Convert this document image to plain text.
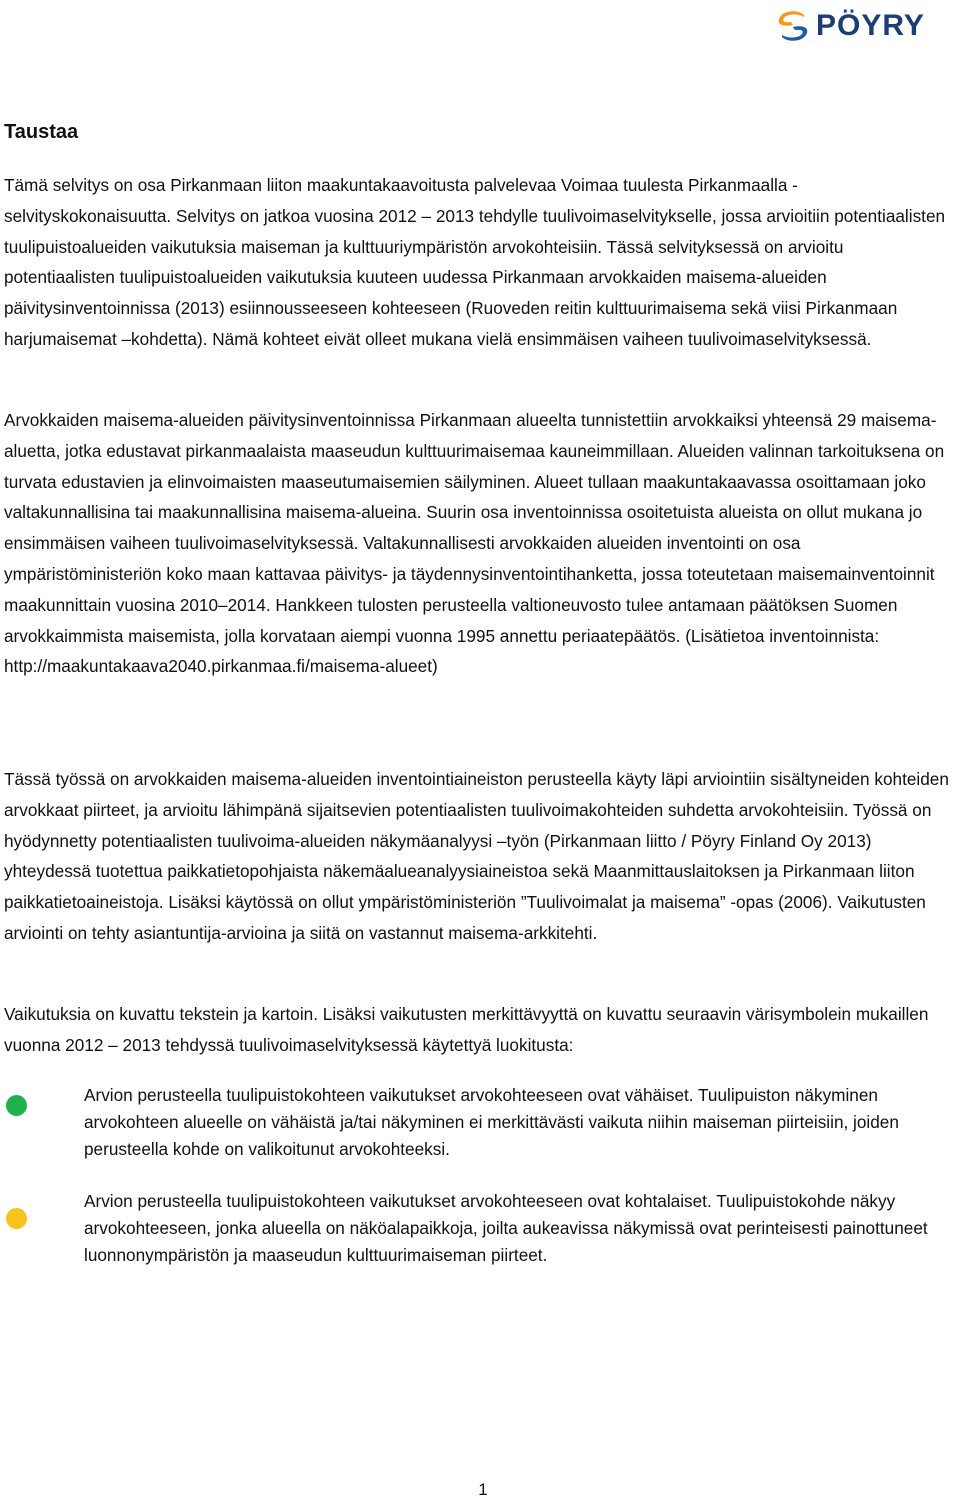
PÖYRY
Taustaa

Tämä selvitys on osa Pirkanmaan liiton maakuntakaavoitusta palvelevaa Voimaa tuulesta Pirkanmaalla -selvityskokonaisuutta. Selvitys on jatkoa vuosina 2012 – 2013 tehdylle tuulivoimaselvitykselle, jossa arvioitiin potentiaalisten tuulipuistoalueiden vaikutuksia maiseman ja kulttuuriympäristön arvokohteisiin. Tässä selvityksessä on arvioitu potentiaalisten tuulipuistoalueiden vaikutuksia kuuteen uudessa Pirkanmaan arvokkaiden maisema-alueiden päivitysinventoinnissa (2013) esiinnousseeseen kohteeseen (Ruoveden reitin kulttuurimaisema sekä viisi Pirkanmaan harjumaisemat –kohdetta). Nämä kohteet eivät olleet mukana vielä ensimmäisen vaiheen tuulivoimaselvityksessä.

Arvokkaiden maisema-alueiden päivitysinventoinnissa Pirkanmaan alueelta tunnistettiin arvokkaiksi yhteensä 29 maisema-aluetta, jotka edustavat pirkanmaalaista maaseudun kulttuurimaisemaa kauneimmillaan. Alueiden valinnan tarkoituksena on turvata edustavien ja elinvoimaisten maaseutumaisemien säilyminen. Alueet tullaan maakuntakaavassa osoittamaan joko valtakunnallisina tai maakunnallisina maisema-alueina. Suurin osa inventoinnissa osoitetuista alueista on ollut mukana jo ensimmäisen vaiheen tuulivoimaselvityksessä. Valtakunnallisesti arvokkaiden alueiden inventointi on osa ympäristöministeriön koko maan kattavaa päivitys- ja täydennysinventointihanketta, jossa toteutetaan maisemainventoinnit maakunnittain vuosina 2010–2014. Hankkeen tulosten perusteella valtioneuvosto tulee antamaan päätöksen Suomen arvokkaimmista maisemista, jolla korvataan aiempi vuonna 1995 annettu periaatepäätös. (Lisätietoa inventoinnista: http://maakuntakaava2040.pirkanmaa.fi/maisema-alueet)

Tässä työssä on arvokkaiden maisema-alueiden inventointiaineiston perusteella käyty läpi arviointiin sisältyneiden kohteiden arvokkaat piirteet, ja arvioitu lähimpänä sijaitsevien potentiaalisten tuulivoimakohteiden suhdetta arvokohteisiin. Työssä on hyödynnetty potentiaalisten tuulivoima-alueiden näkymäanalyysi –työn (Pirkanmaan liitto / Pöyry Finland Oy 2013) yhteydessä tuotettua paikkatietopohjaista näkemäalueanalyysiaineistoa sekä Maanmittauslaitoksen ja Pirkanmaan liiton paikkatietoaineistoja. Lisäksi käytössä on ollut ympäristöministeriön ”Tuulivoimalat ja maisema” -opas (2006). Vaikutusten arviointi on tehty asiantuntija-arvioina ja siitä on vastannut maisema-arkkitehti.

Vaikutuksia on kuvattu tekstein ja kartoin. Lisäksi vaikutusten merkittävyyttä on kuvattu seuraavin värisymbolein mukaillen vuonna 2012 – 2013 tehdyssä tuulivoimaselvityksessä käytettyä luokitusta:

Arvion perusteella tuulipuistokohteen vaikutukset arvokohteeseen ovat vähäiset. Tuulipuiston näkyminen arvokohteen alueelle on vähäistä ja/tai näkyminen ei merkittävästi vaikuta niihin maiseman piirteisiin, joiden perusteella kohde on valikoitunut arvokohteeksi.

Arvion perusteella tuulipuistokohteen vaikutukset arvokohteeseen ovat kohtalaiset. Tuulipuistokohde näkyy arvokohteeseen, jonka alueella on näköalapaikkoja, joilta aukeavissa näkymissä ovat perinteisesti painottuneet luonnonympäristön ja maaseudun kulttuurimaiseman piirteet.

1
